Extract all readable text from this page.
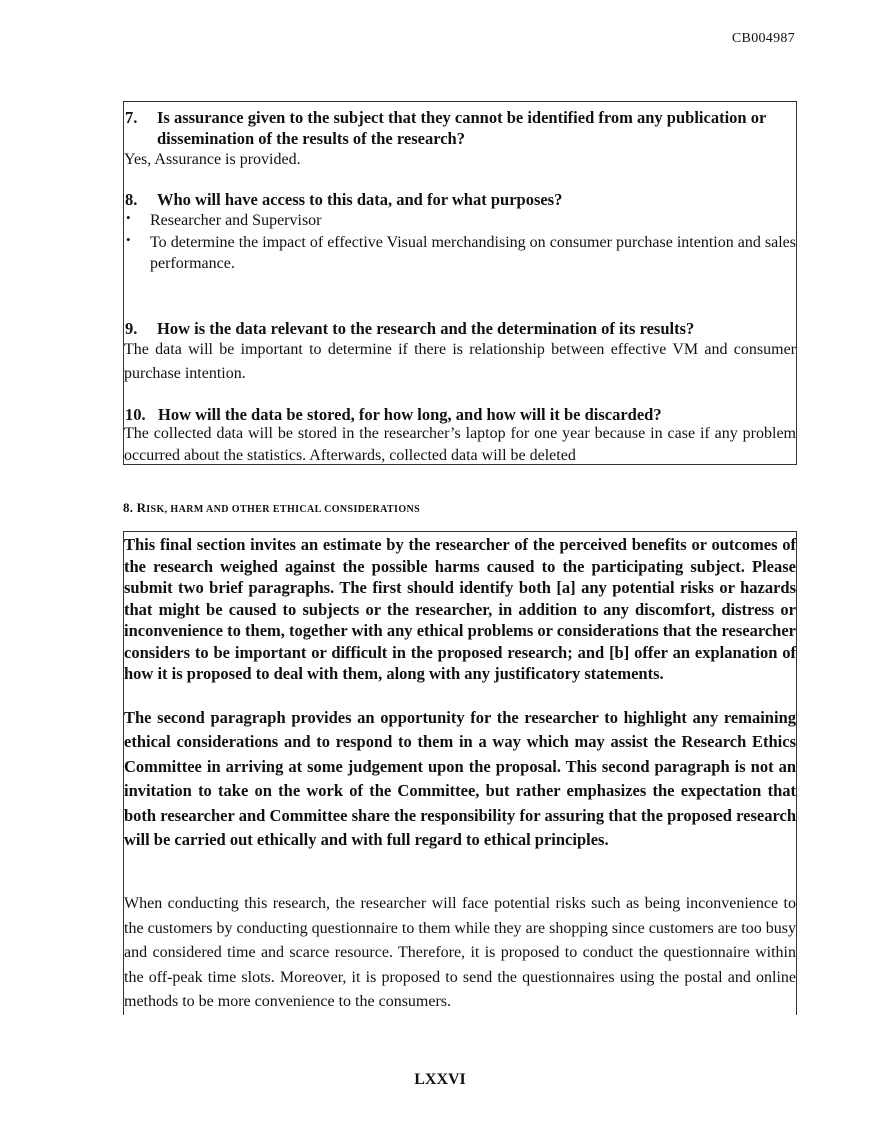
CB004987
7.	Is assurance given to the subject that they cannot be identified from any publication or dissemination of the results of the research?
Yes, Assurance is provided.
8.	Who will have access to this data, and for what purposes?
•	Researcher and Supervisor
•	To determine the impact of effective Visual merchandising on consumer purchase intention and sales performance.
9.	How is the data relevant to the research and the determination of its results?
The data will be important to determine if there is relationship between effective VM and consumer purchase intention.
10. How will the data be stored, for how long, and how will it be discarded?
The collected data will be stored in the researcher’s laptop for one year because in case if any problem occurred about the statistics. Afterwards, collected data will be deleted
8. RISK, HARM AND OTHER ETHICAL CONSIDERATIONS
This final section invites an estimate by the researcher of the perceived benefits or outcomes of the research weighed against the possible harms caused to the participating subject. Please submit two brief paragraphs. The first should identify both [a] any potential risks or hazards that might be caused to subjects or the researcher, in addition to any discomfort, distress or inconvenience to them, together with any ethical problems or considerations that the researcher considers to be important or difficult in the proposed research; and [b] offer an explanation of how it is proposed to deal with them, along with any justificatory statements.
The second paragraph provides an opportunity for the researcher to highlight any remaining ethical considerations and to respond to them in a way which may assist the Research Ethics Committee in arriving at some judgement upon the proposal. This second paragraph is not an invitation to take on the work of the Committee, but rather emphasizes the expectation that both researcher and Committee share the responsibility for assuring that the proposed research will be carried out ethically and with full regard to ethical principles.
When conducting this research, the researcher will face potential risks such as being inconvenience to the customers by conducting questionnaire to them while they are shopping since customers are too busy and considered time and scarce resource. Therefore, it is proposed to conduct the questionnaire within the off-peak time slots. Moreover, it is proposed to send the questionnaires using the postal and online methods to be more convenience to the consumers.
LXXVI
